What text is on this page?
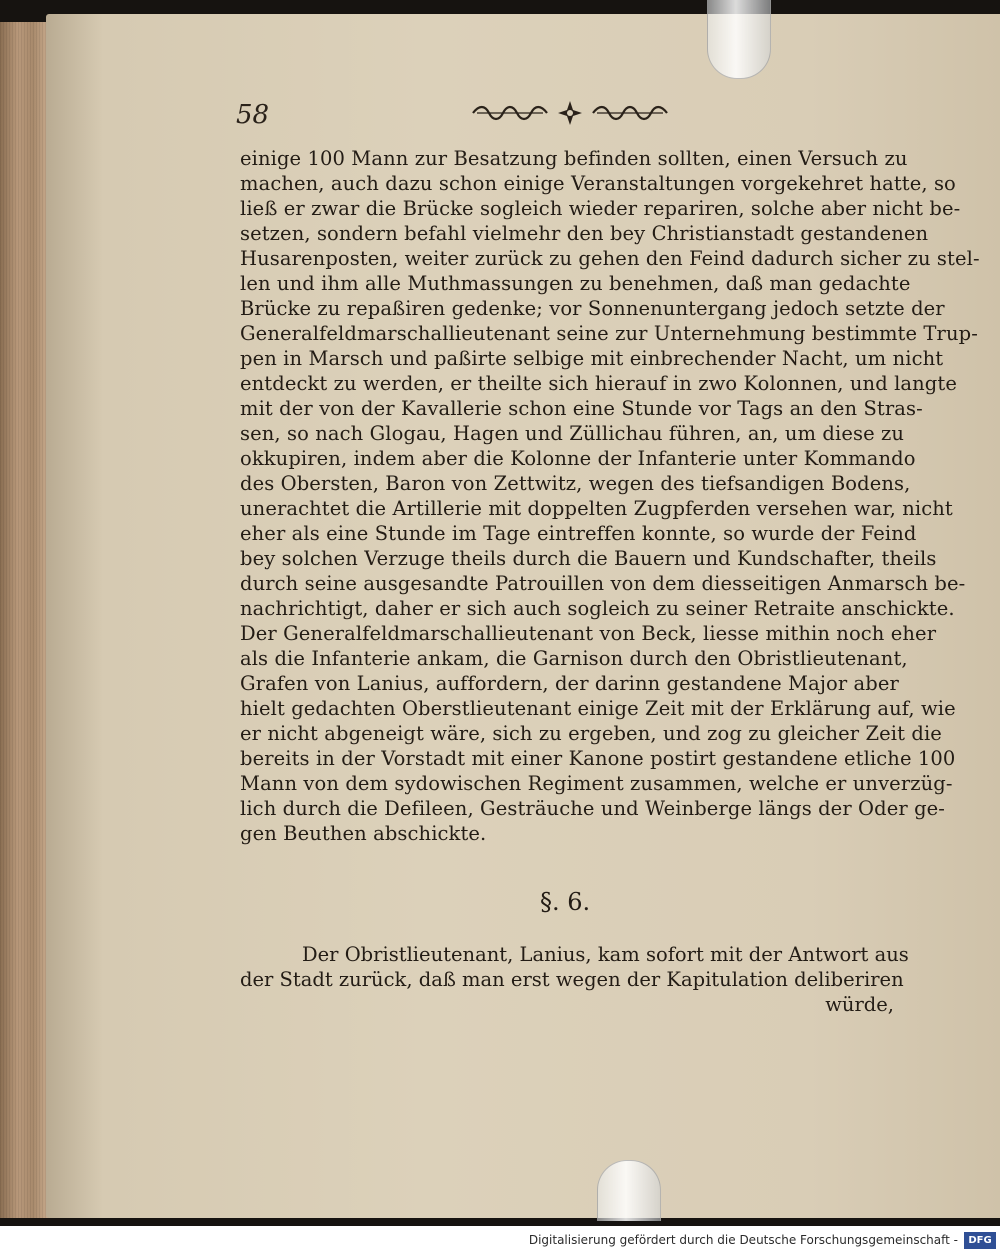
58
einige 100 Mann zur Besatzung befinden sollten, einen Versuch zu
machen, auch dazu schon einige Veranstaltungen vorgekehret hatte, so
ließ er zwar die Brücke sogleich wieder repariren, solche aber nicht be-
setzen, sondern befahl vielmehr den bey Christianstadt gestandenen
Husarenposten, weiter zurück zu gehen den Feind dadurch sicher zu stel-
len und ihm alle Muthmassungen zu benehmen, daß man gedachte
Brücke zu repaßiren gedenke; vor Sonnenuntergang jedoch setzte der
Generalfeldmarschallieutenant seine zur Unternehmung bestimmte Trup-
pen in Marsch und paßirte selbige mit einbrechender Nacht, um nicht
entdeckt zu werden, er theilte sich hierauf in zwo Kolonnen, und langte
mit der von der Kavallerie schon eine Stunde vor Tags an den Stras-
sen, so nach Glogau, Hagen und Züllichau führen, an, um diese zu
okkupiren, indem aber die Kolonne der Infanterie unter Kommando
des Obersten, Baron von Zettwitz, wegen des tiefsandigen Bodens,
unerachtet die Artillerie mit doppelten Zugpferden versehen war, nicht
eher als eine Stunde im Tage eintreffen konnte, so wurde der Feind
bey solchen Verzuge theils durch die Bauern und Kundschafter, theils
durch seine ausgesandte Patrouillen von dem diesseitigen Anmarsch be-
nachrichtigt, daher er sich auch sogleich zu seiner Retraite anschickte.
Der Generalfeldmarschallieutenant von Beck, liesse mithin noch eher
als die Infanterie ankam, die Garnison durch den Obristlieutenant,
Grafen von Lanius, auffordern, der darinn gestandene Major aber
hielt gedachten Oberstlieutenant einige Zeit mit der Erklärung auf, wie
er nicht abgeneigt wäre, sich zu ergeben, und zog zu gleicher Zeit die
bereits in der Vorstadt mit einer Kanone postirt gestandene etliche 100
Mann von dem sydowischen Regiment zusammen, welche er unverzüg-
lich durch die Defileen, Gesträuche und Weinberge längs der Oder ge-
gen Beuthen abschickte.
§. 6.
Der Obristlieutenant, Lanius, kam sofort mit der Antwort aus
der Stadt zurück, daß man erst wegen der Kapitulation deliberiren
würde,
Digitalisierung gefördert durch die Deutsche Forschungsgemeinschaft -	DFG
